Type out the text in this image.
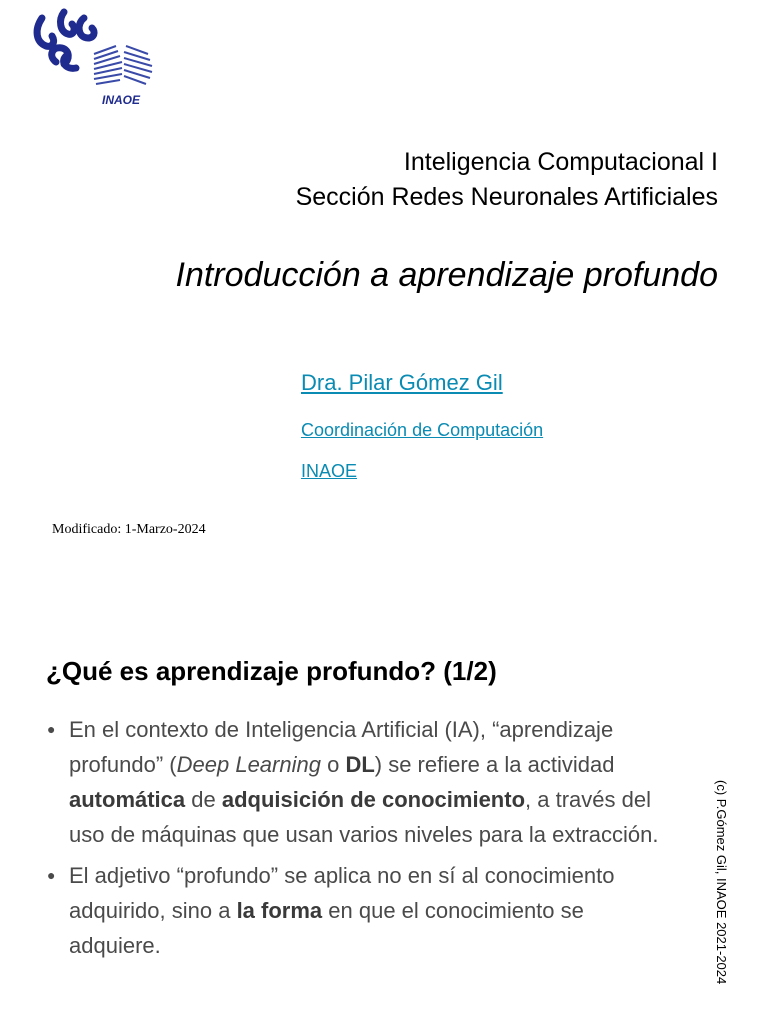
INAOE
Inteligencia Computacional I
Sección Redes Neuronales Artificiales
Introducción a aprendizaje profundo
Dra. Pilar Gómez Gil
Coordinación de Computación
INAOE
Modificado: 1-Marzo-2024
¿Qué es aprendizaje profundo? (1/2)
● En el contexto de Inteligencia Artificial (IA), “aprendizaje profundo” (Deep Learning o DL) se refiere a la actividad automática de adquisición de conocimiento, a través del uso de máquinas que usan varios niveles para la extracción.
● El adjetivo “profundo” se aplica no en sí al conocimiento adquirido, sino a la forma en que el conocimiento se adquiere.	(c) P.Gómez Gil, INAOE 2021-2024
